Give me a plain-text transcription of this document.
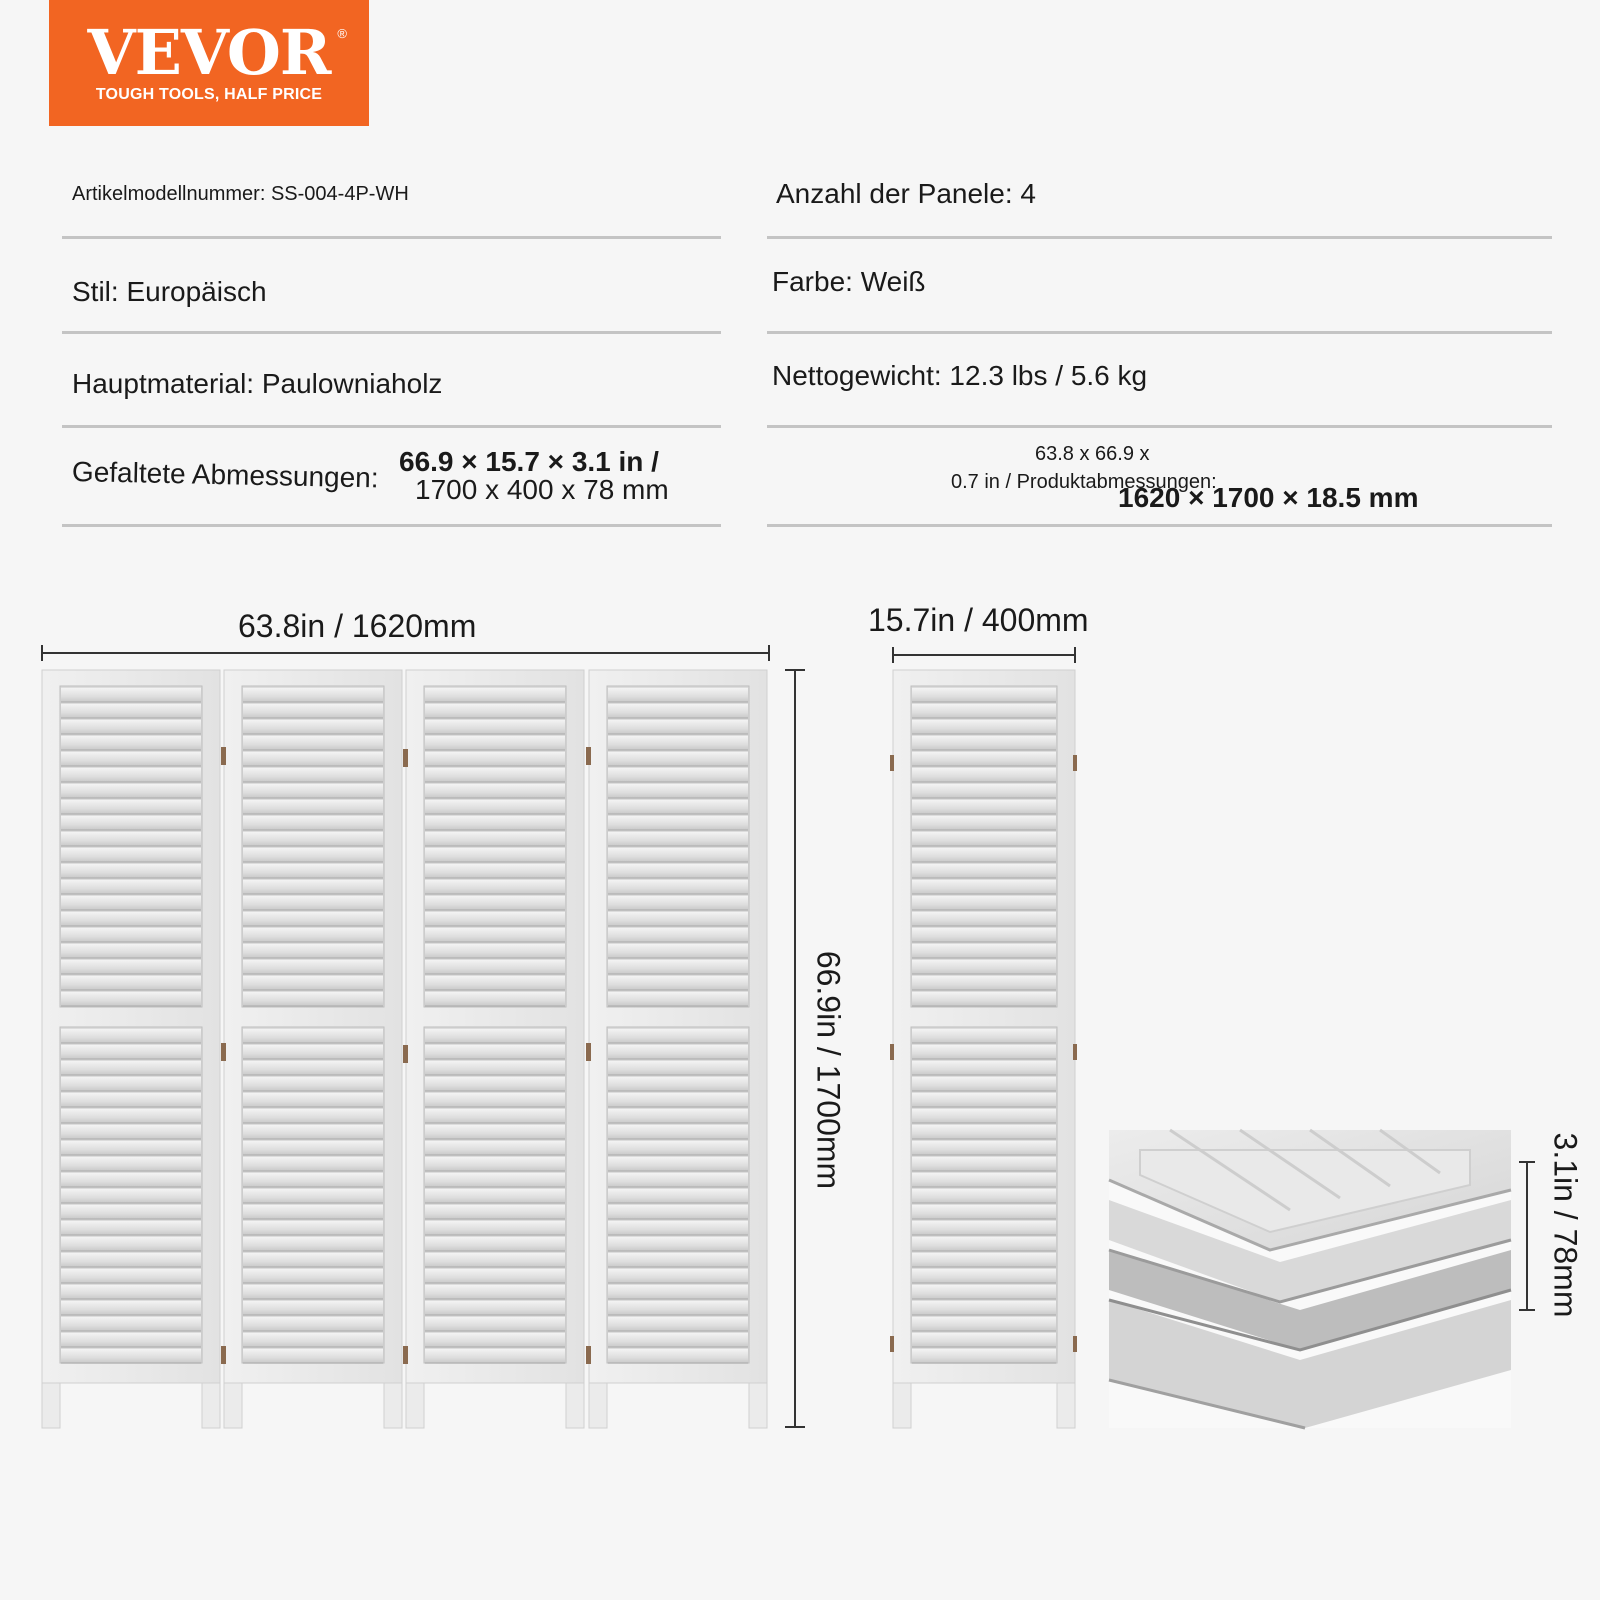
VEVOR ®
TOUGH TOOLS, HALF PRICE
Artikelmodellnummer: SS-004-4P-WH
Stil: Europäisch
Hauptmaterial: Paulowniaholz
Gefaltete Abmessungen: 66.9 × 15.7 × 3.1 in /
1700 x 400 x 78 mm
Anzahl der Panele: 4
Farbe: Weiß
Nettogewicht: 12.3 lbs / 5.6 kg
63.8 x 66.9 x
0.7 in / Produktabmessungen:
1620 × 1700 × 18.5 mm
63.8in / 1620mm	15.7in / 400mm
66.9in / 1700mm
3.1in / 78mm
